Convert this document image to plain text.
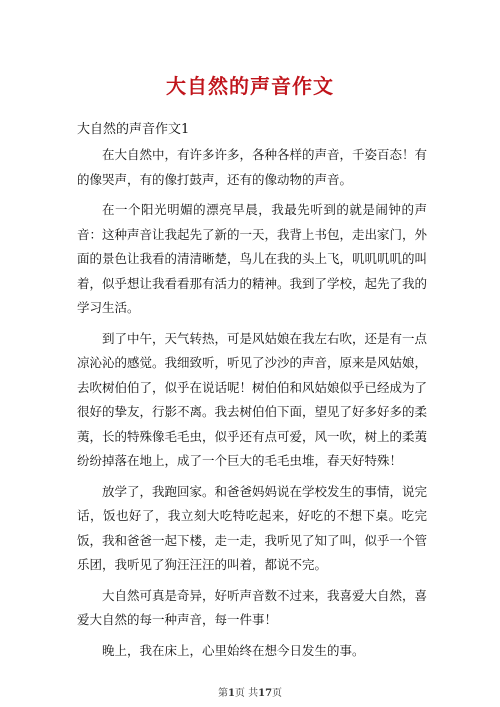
大自然的声音作文
大自然的声音作文1

在大自然中，有许多许多，各种各样的声音，千姿百态！有的像哭声，有的像打鼓声，还有的像动物的声音。

在一个阳光明媚的漂亮早晨，我最先听到的就是闹钟的声音：这种声音让我起先了新的一天，我背上书包，走出家门，外面的景色让我看的清清晰楚，鸟儿在我的头上飞，叽叽叽叽的叫着，似乎想让我看看那有活力的精神。我到了学校，起先了我的学习生活。

到了中午，天气转热，可是风姑娘在我左右吹，还是有一点凉沁沁的感觉。我细致听，听见了沙沙的声音，原来是风姑娘，去吹树伯伯了，似乎在说话呢！树伯伯和风姑娘似乎已经成为了很好的挚友，行影不离。我去树伯伯下面，望见了好多好多的柔荑，长的特殊像毛毛虫，似乎还有点可爱，风一吹，树上的柔荑纷纷掉落在地上，成了一个巨大的毛毛虫堆，春天好特殊！

放学了，我跑回家。和爸爸妈妈说在学校发生的事情，说完话，饭也好了，我立刻大吃特吃起来，好吃的不想下桌。吃完饭，我和爸爸一起下楼，走一走，我听见了知了叫，似乎一个管乐团，我听见了狗汪汪汪的叫着，都说不完。

大自然可真是奇异，好听声音数不过来，我喜爱大自然，喜爱大自然的每一种声音，每一件事！

晚上，我在床上，心里始终在想今日发生的事。

第1页 共17页
